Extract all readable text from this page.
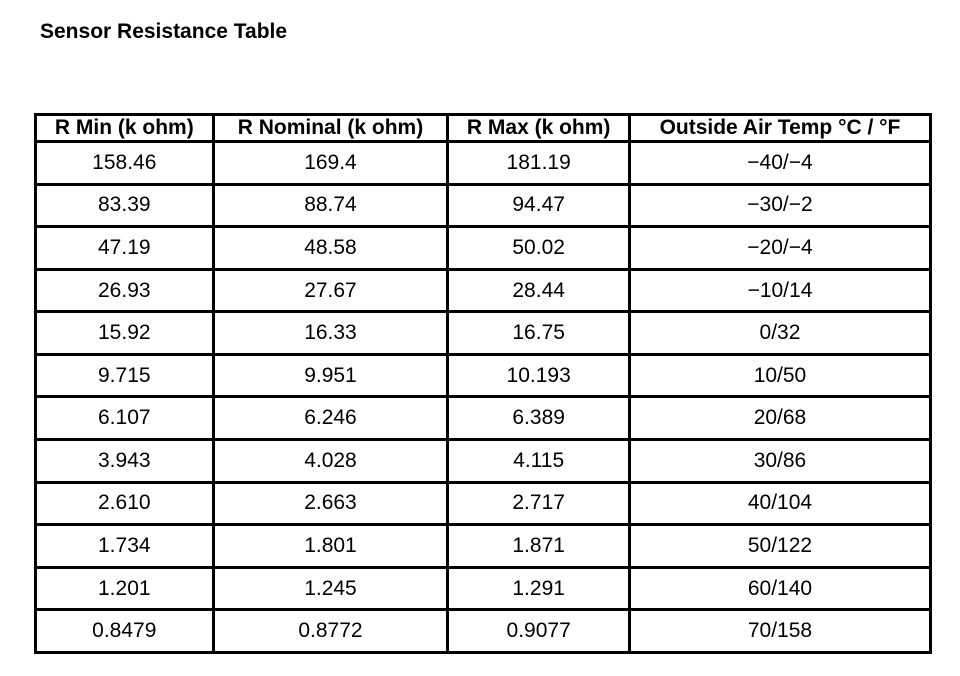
Sensor Resistance Table
R Min (k ohm)	R Nominal (k ohm)	R Max (k ohm)	Outside Air Temp °C / °F
158.46	169.4	181.19	−40/−4
83.39	88.74	94.47	−30/−2
47.19	48.58	50.02	−20/−4
26.93	27.67	28.44	−10/14
15.92	16.33	16.75	0/32
9.715	9.951	10.193	10/50
6.107	6.246	6.389	20/68
3.943	4.028	4.115	30/86
2.610	2.663	2.717	40/104
1.734	1.801	1.871	50/122
1.201	1.245	1.291	60/140
0.8479	0.8772	0.9077	70/158
